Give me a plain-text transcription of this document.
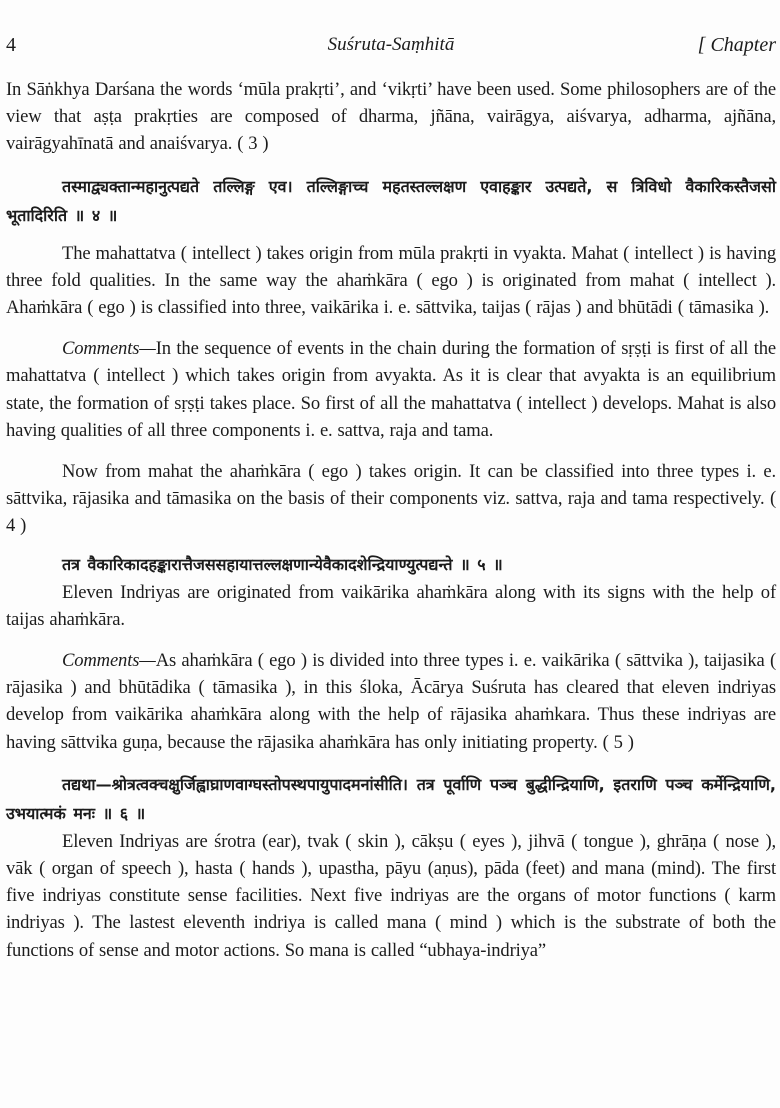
4	Suśruta-Saṃhitā	[ Chapter

In Sāṅkhya Darśana the words ‘mūla prakṛti’, and ‘vikṛti’ have been used. Some philosophers are of the view that aṣṭa prakṛties are composed of dharma, jñāna, vairāgya, aiśvarya, adharma, ajñāna, vairāgyahīnatā and anaiśvarya. ( 3 )

तस्माद्व्यक्तान्महानुत्पद्यते तल्लिङ्ग एव। तल्लिङ्गाच्च महतस्तल्लक्षण एवाहङ्कार उत्पद्यते, स त्रिविधो वैकारिकस्तैजसो भूतादिरिति ॥ ४ ॥

The mahattatva ( intellect ) takes origin from mūla prakṛti in vyakta. Mahat ( intellect ) is having three fold qualities. In the same way the ahaṁkāra ( ego ) is originated from mahat ( intellect ). Ahaṁkāra ( ego ) is classified into three, vaikārika i. e. sāttvika, taijas ( rājas ) and bhūtādi ( tāmasika ).

Comments—In the sequence of events in the chain during the formation of sṛṣṭi is first of all the mahattatva ( intellect ) which takes origin from avyakta. As it is clear that avyakta is an equilibrium state, the formation of sṛṣṭi takes place. So first of all the mahattatva ( intellect ) develops. Mahat is also having qualities of all three components i. e. sattva, raja and tama.

Now from mahat the ahaṁkāra ( ego ) takes origin. It can be classified into three types i. e. sāttvika, rājasika and tāmasika on the basis of their components viz. sattva, raja and tama respectively. ( 4 )

तत्र वैकारिकादहङ्कारात्तैजससहायात्तल्लक्षणान्येवैकादशेन्द्रियाण्युत्पद्यन्ते ॥ ५ ॥

Eleven Indriyas are originated from vaikārika ahaṁkāra along with its signs with the help of taijas ahaṁkāra.

Comments—As ahaṁkāra ( ego ) is divided into three types i. e. vaikārika ( sāttvika ), taijasika ( rājasika ) and bhūtādika ( tāmasika ), in this śloka, Ācārya Suśruta has cleared that eleven indriyas develop from vaikārika ahaṁkāra along with the help of rājasika ahaṁkara. Thus these indriyas are having sāttvika guṇa, because the rājasika ahaṁkāra has only initiating property. ( 5 )

तद्यथा—श्रोत्रत्वक्चक्षुर्जिह्वाघ्राणवाग्घस्तोपस्थपायुपादमनांसीति। तत्र पूर्वाणि पञ्च बुद्धीन्द्रियाणि, इतराणि पञ्च कर्मेन्द्रियाणि, उभयात्मकं मनः ॥ ६ ॥

Eleven Indriyas are śrotra (ear), tvak ( skin ), cākṣu ( eyes ), jihvā ( tongue ), ghrāṇa ( nose ), vāk ( organ of speech ), hasta ( hands ), upastha, pāyu (aṇus), pāda (feet) and mana (mind). The first five indriyas constitute sense facilities. Next five indriyas are the organs of motor functions ( karm indriyas ). The lastest eleventh indriya is called mana ( mind ) which is the substrate of both the functions of sense and motor actions. So mana is called “ubhaya-indriya”
